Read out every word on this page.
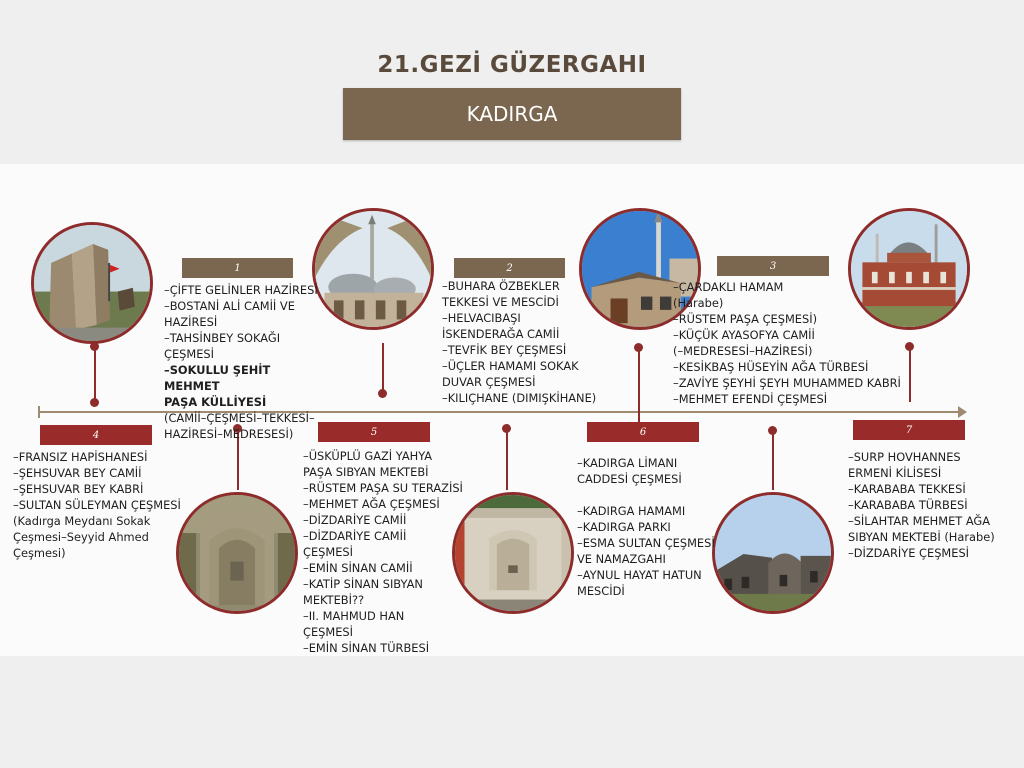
21.GEZİ GÜZERGAHI
KADIRGA
1	2	3
4	5	6	7
–ÇİFTE GELİNLER HAZİRESİ
–BOSTANİ ALİ CAMİİ VE
HAZİRESİ
–TAHSİNBEY SOKAĞI ÇEŞMESİ
–SOKULLU ŞEHİT MEHMET
PAŞA KÜLLİYESİ
(CAMİİ–ÇEŞMESİ–TEKKESİ–
HAZİRESİ–MEDRESESİ)
–BUHARA ÖZBEKLER
TEKKESİ VE MESCİDİ
–HELVACIBAŞI
İSKENDERAĞA CAMİİ
–TEVFİK BEY ÇEŞMESİ
–ÜÇLER HAMAMI SOKAK
DUVAR ÇEŞMESİ
–KILIÇHANE (DIMIŞKİHANE)
–ÇARDAKLI HAMAM
(Harabe)
–RÜSTEM PAŞA ÇEŞMESİ)
–KÜÇÜK AYASOFYA CAMİİ
(–MEDRESESİ–HAZİRESİ)
–KESİKBAŞ HÜSEYİN AĞA TÜRBESİ
–ZAVİYE ŞEYHİ ŞEYH MUHAMMED KABRİ
–MEHMET EFENDİ ÇEŞMESİ
–FRANSIZ HAPİSHANESİ
–ŞEHSUVAR BEY CAMİİ
–ŞEHSUVAR BEY KABRİ
–SULTAN SÜLEYMAN ÇEŞMESİ
(Kadırga Meydanı Sokak
Çeşmesi–Seyyid Ahmed
Çeşmesi)
–ÜSKÜPLÜ GAZİ YAHYA
PAŞA SIBYAN MEKTEBİ
–RÜSTEM PAŞA SU TERAZİSİ
–MEHMET AĞA ÇEŞMESİ
–DİZDARİYE CAMİİ
–DİZDARİYE CAMİİ
ÇEŞMESİ
–EMİN SİNAN CAMİİ
–KATİP SİNAN SIBYAN
MEKTEBİ??
–II. MAHMUD HAN
ÇEŞMESİ
–EMİN SİNAN TÜRBESİ
–KADIRGA LİMANI
CADDESİ ÇEŞMESİ

–KADIRGA HAMAMI
–KADIRGA PARKI
–ESMA SULTAN ÇEŞMESİ
VE NAMAZGAHI
–AYNUL HAYAT HATUN
MESCİDİ
–SURP HOVHANNES
ERMENİ KİLİSESİ
–KARABABA TEKKESİ
–KARABABA TÜRBESİ
–SİLAHTAR MEHMET AĞA
SIBYAN MEKTEBİ (Harabe)
–DİZDARİYE ÇEŞMESİ
